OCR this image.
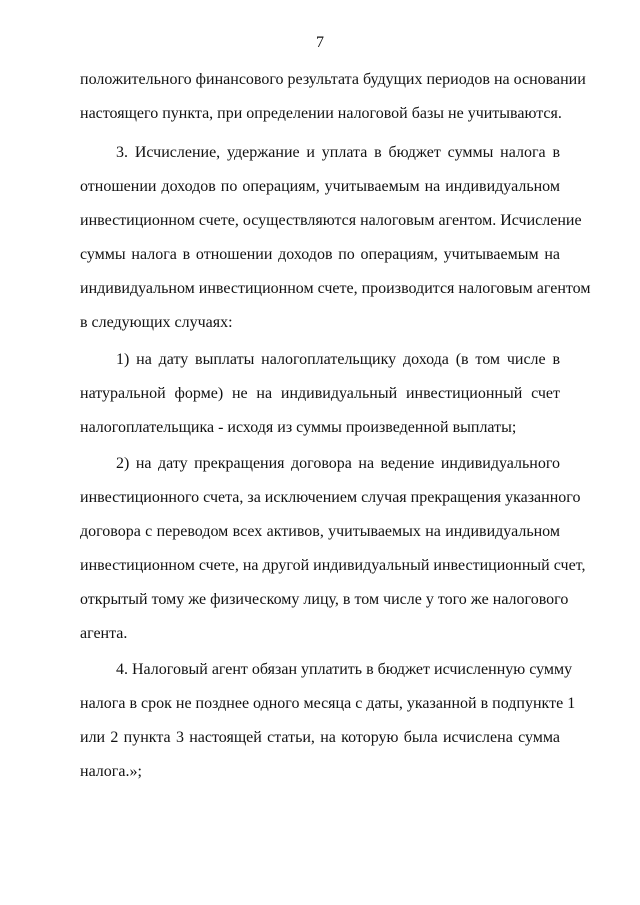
7
положительного финансового результата будущих периодов на основании
настоящего пункта, при определении налоговой базы не учитываются.
3. Исчисление, удержание и уплата в бюджет суммы налога в
отношении доходов по операциям, учитываемым на индивидуальном
инвестиционном счете, осуществляются налоговым агентом. Исчисление
суммы налога в отношении доходов по операциям, учитываемым на
индивидуальном инвестиционном счете, производится налоговым агентом
в следующих случаях:
1) на дату выплаты налогоплательщику дохода (в том числе в
натуральной форме) не на индивидуальный инвестиционный счет
налогоплательщика - исходя из суммы произведенной выплаты;
2) на дату прекращения договора на ведение индивидуального
инвестиционного счета, за исключением случая прекращения указанного
договора с переводом всех активов, учитываемых на индивидуальном
инвестиционном счете, на другой индивидуальный инвестиционный счет,
открытый тому же физическому лицу, в том числе у того же налогового
агента.
4. Налоговый агент обязан уплатить в бюджет исчисленную сумму
налога в срок не позднее одного месяца с даты, указанной в подпункте 1
или 2 пункта 3 настоящей статьи, на которую была исчислена сумма
налога.»;
